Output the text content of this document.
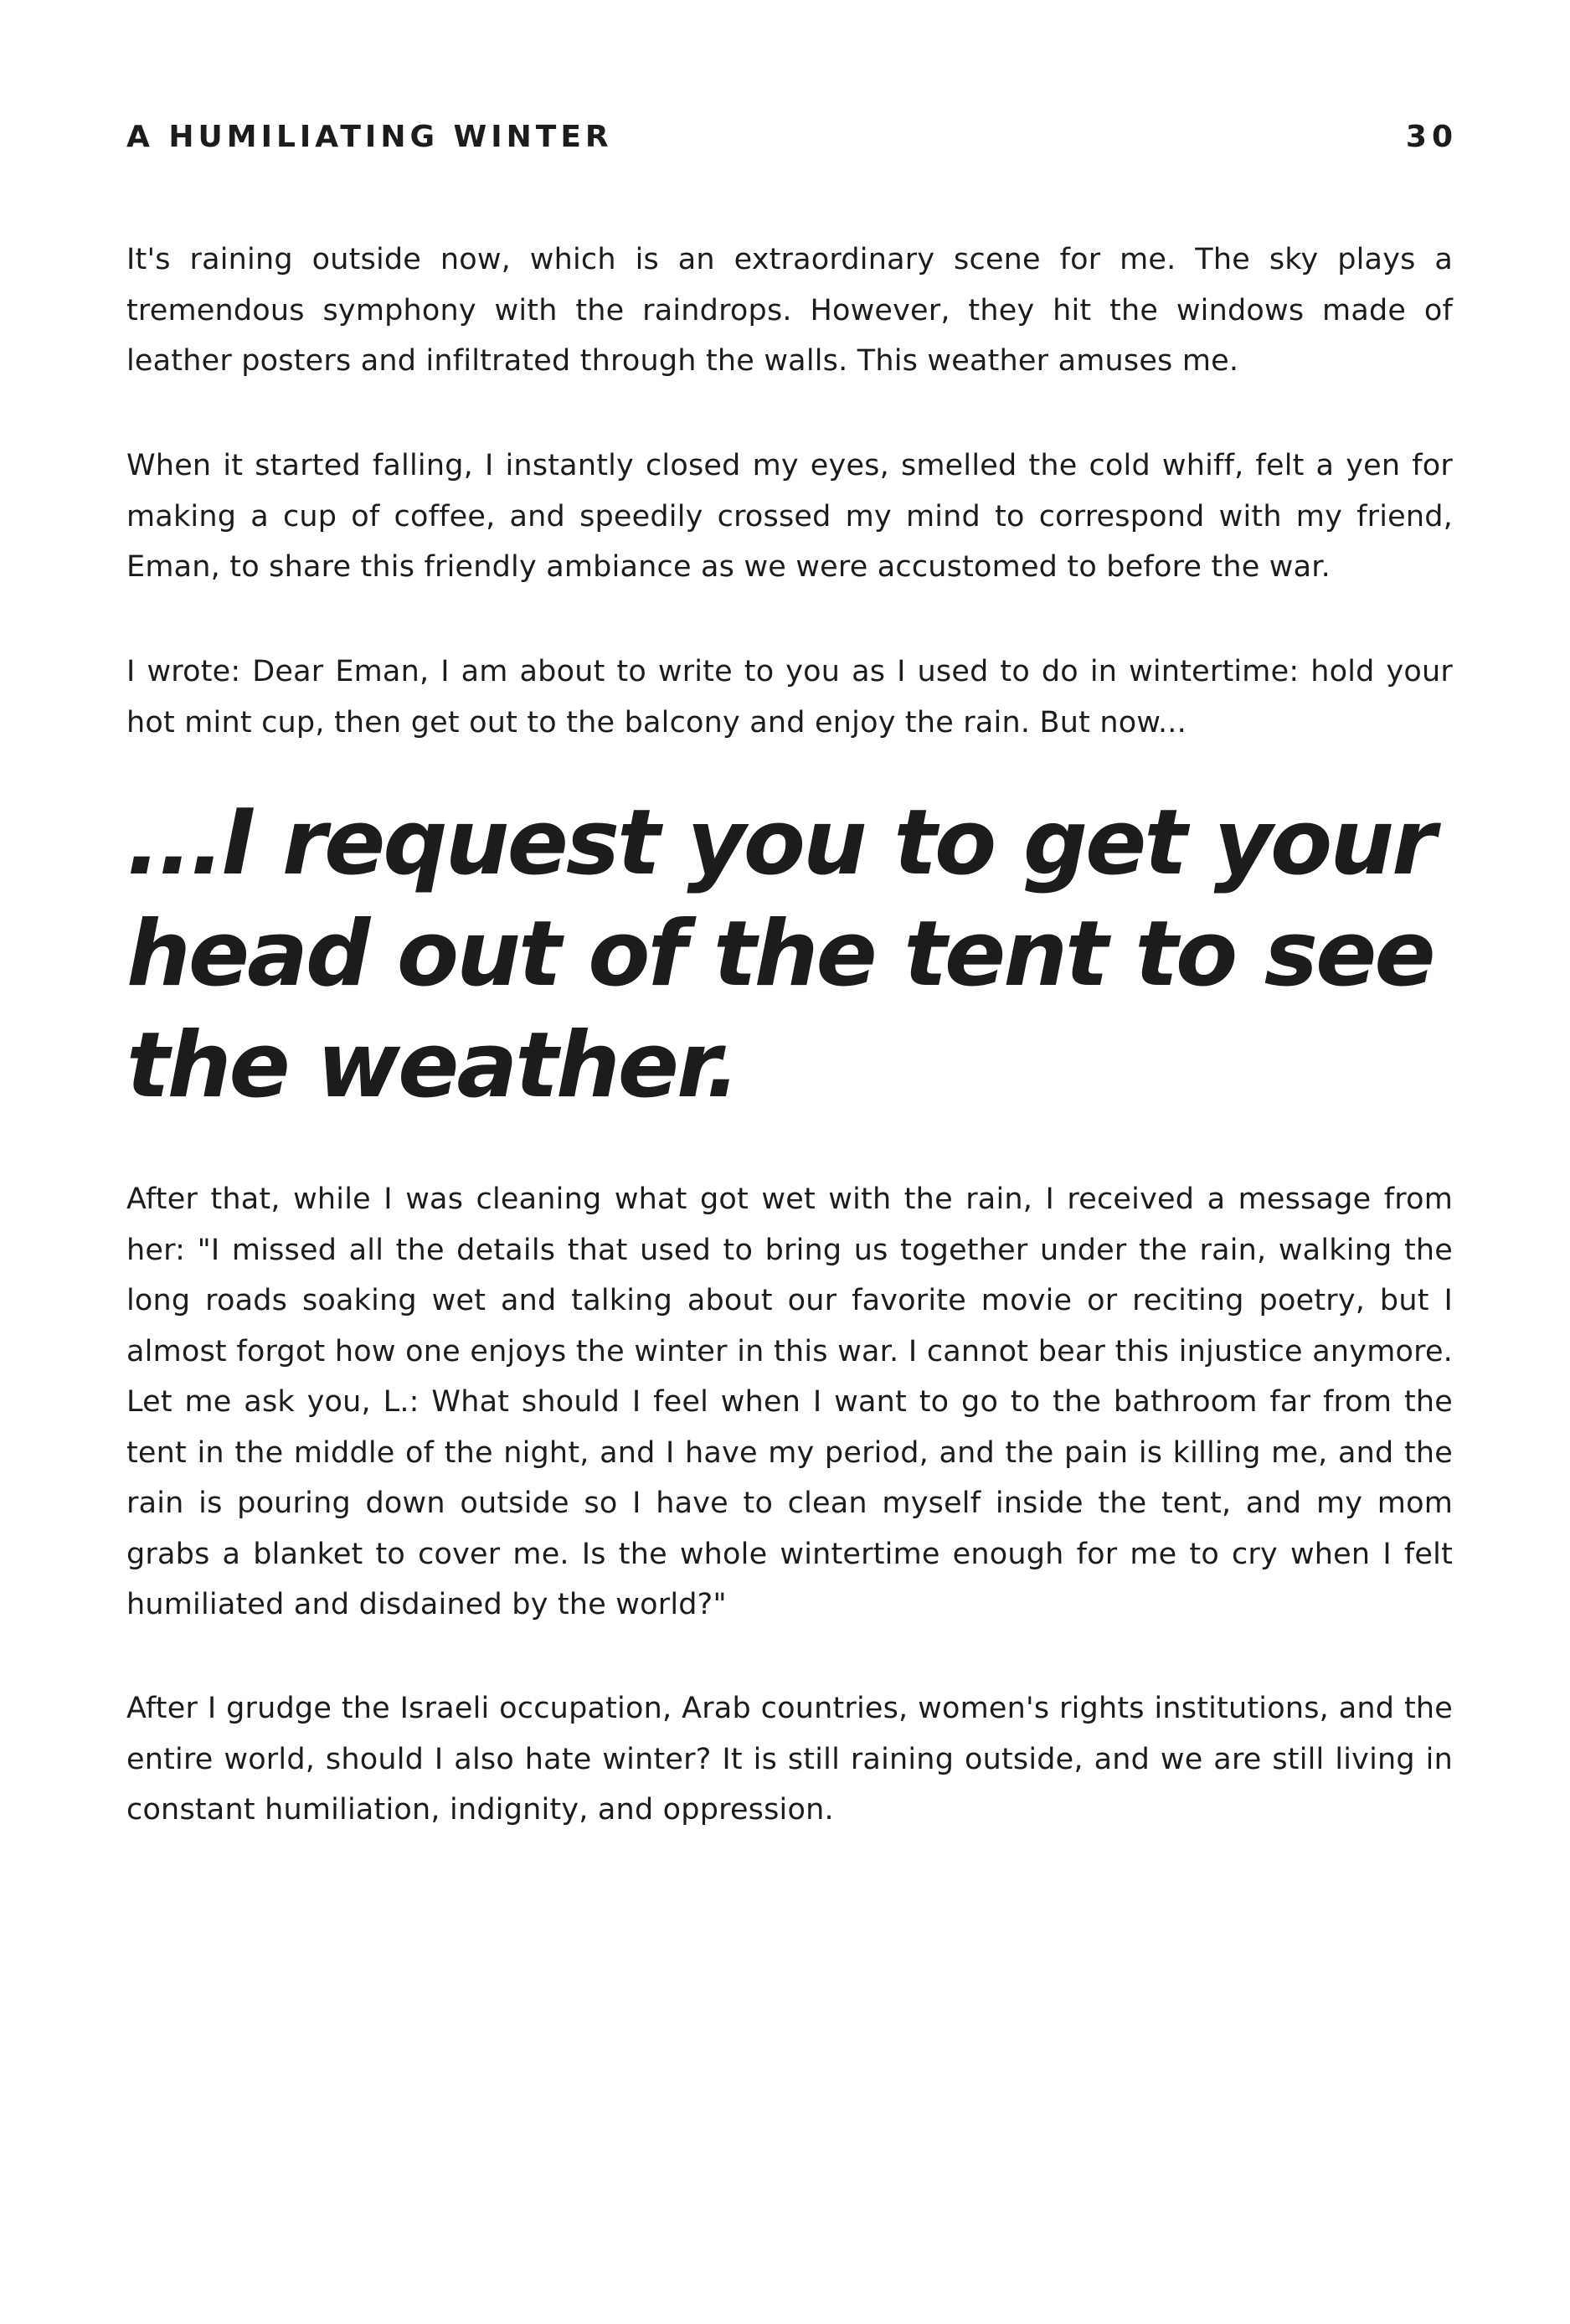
A HUMILIATING WINTER	30

It's raining outside now, which is an extraordinary scene for me. The sky plays a tremendous symphony with the raindrops. However, they hit the windows made of leather posters and infiltrated through the walls. This weather amuses me.

When it started falling, I instantly closed my eyes, smelled the cold whiff, felt a yen for making a cup of coffee, and speedily crossed my mind to correspond with my friend, Eman, to share this friendly ambiance as we were accustomed to before the war.

I wrote: Dear Eman, I am about to write to you as I used to do in wintertime: hold your hot mint cup, then get out to the balcony and enjoy the rain. But now...

...I request you to get your head out of the tent to see the weather.

After that, while I was cleaning what got wet with the rain, I received a message from her: "I missed all the details that used to bring us together under the rain, walking the long roads soaking wet and talking about our favorite movie or reciting poetry, but I almost forgot how one enjoys the winter in this war. I cannot bear this injustice anymore. Let me ask you, L.: What should I feel when I want to go to the bathroom far from the tent in the middle of the night, and I have my period, and the pain is killing me, and the rain is pouring down outside so I have to clean myself inside the tent, and my mom grabs a blanket to cover me. Is the whole wintertime enough for me to cry when I felt humiliated and disdained by the world?"

After I grudge the Israeli occupation, Arab countries, women's rights institutions, and the entire world, should I also hate winter? It is still raining outside, and we are still living in constant humiliation, indignity, and oppression.
